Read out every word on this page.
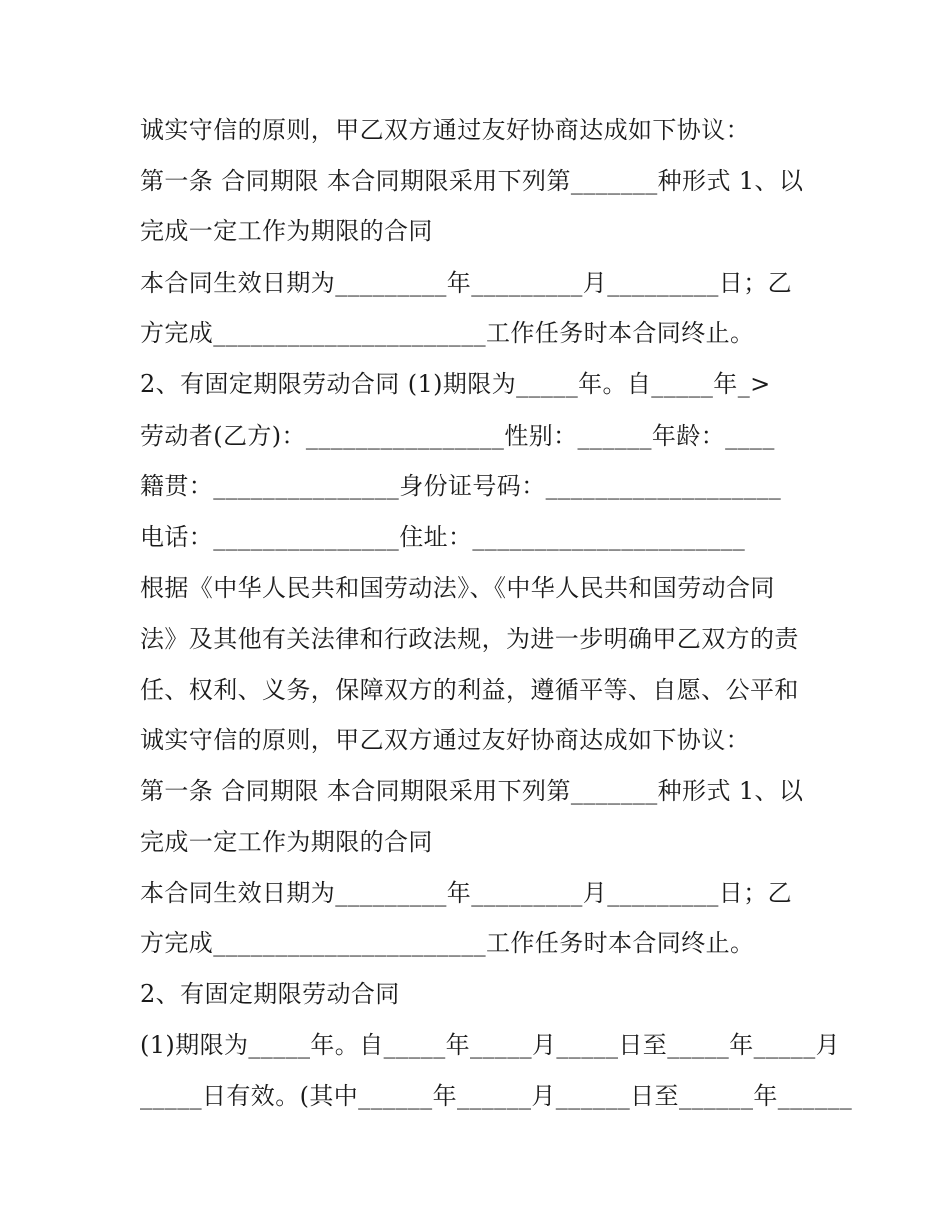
诚实守信的原则，甲乙双方通过友好协商达成如下协议：
第一条 合同期限 本合同期限采用下列第_______种形式 1、以
完成一定工作为期限的合同
本合同生效日期为_________年_________月_________日；乙
方完成______________________工作任务时本合同终止。
2、有固定期限劳动合同 (1)期限为_____年。自_____年_>
劳动者(乙方)：________________性别：______年龄：____
籍贯：_______________身份证号码：___________________
电话：_______________住址：______________________
根据《中华人民共和国劳动法》、《中华人民共和国劳动合同
法》及其他有关法律和行政法规，为进一步明确甲乙双方的责
任、权利、义务，保障双方的利益，遵循平等、自愿、公平和
诚实守信的原则，甲乙双方通过友好协商达成如下协议：
第一条 合同期限 本合同期限采用下列第_______种形式 1、以
完成一定工作为期限的合同
本合同生效日期为_________年_________月_________日；乙
方完成______________________工作任务时本合同终止。
2、有固定期限劳动合同
(1)期限为_____年。自_____年_____月_____日至_____年_____月
_____日有效。(其中______年______月______日至______年______
